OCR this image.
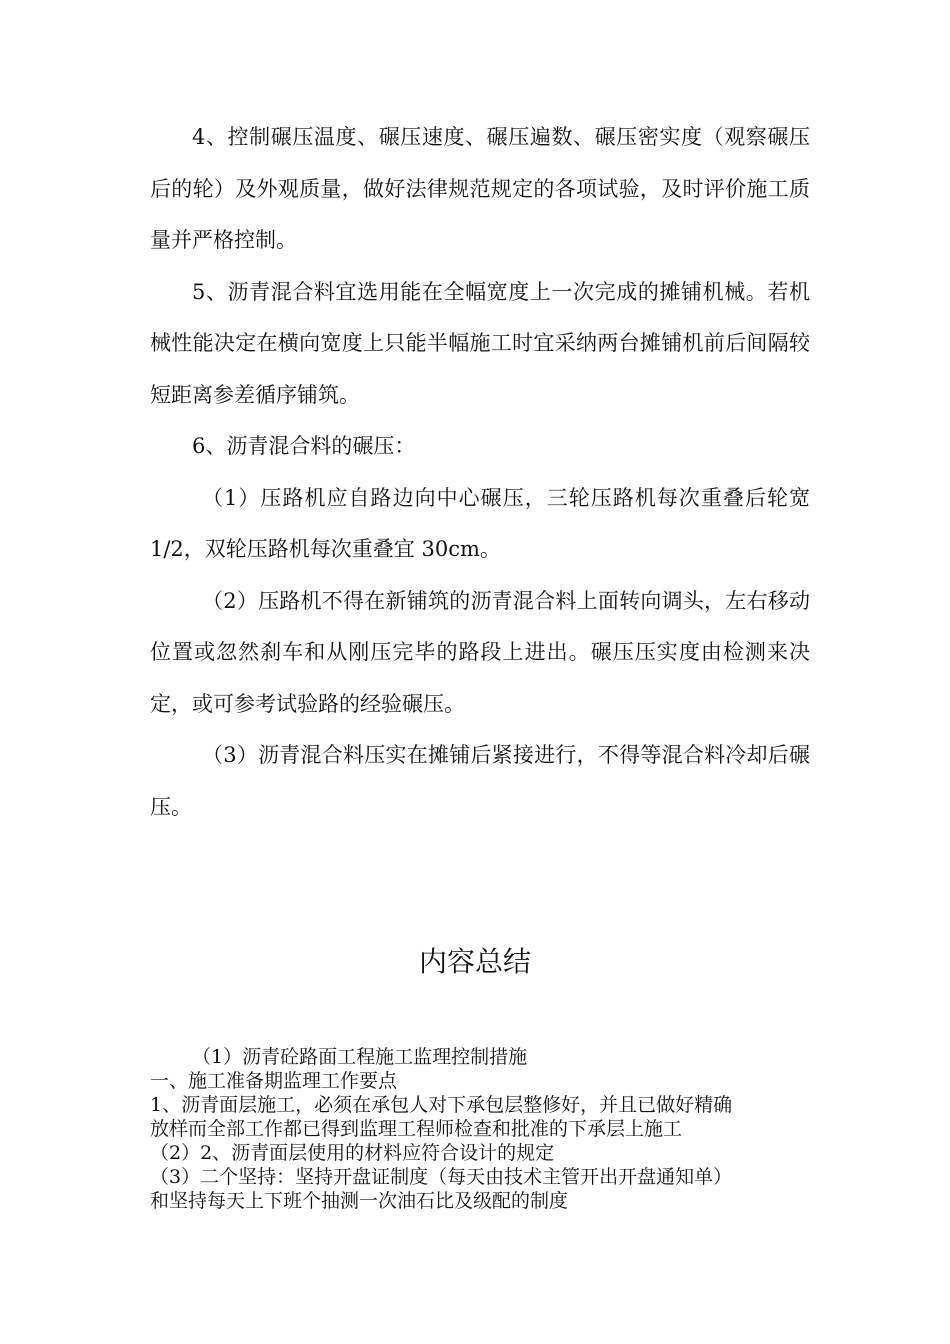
4、控制碾压温度、碾压速度、碾压遍数、碾压密实度（观察碾压后的轮）及外观质量，做好法律规范规定的各项试验，及时评价施工质量并严格控制。

5、沥青混合料宜选用能在全幅宽度上一次完成的摊铺机械。若机械性能决定在横向宽度上只能半幅施工时宜采纳两台摊铺机前后间隔较短距离参差循序铺筑。

6、沥青混合料的碾压：

（1）压路机应自路边向中心碾压，三轮压路机每次重叠后轮宽 1/2，双轮压路机每次重叠宜 30cm。

（2）压路机不得在新铺筑的沥青混合料上面转向调头，左右移动位置或忽然刹车和从刚压完毕的路段上进出。碾压压实度由检测来决定，或可参考试验路的经验碾压。

（3）沥青混合料压实在摊铺后紧接进行，不得等混合料冷却后碾压。

内容总结

（1）沥青砼路面工程施工监理控制措施

一、施工准备期监理工作要点

1、沥青面层施工，必须在承包人对下承包层整修好，并且已做好精确

放样而全部工作都已得到监理工程师检查和批准的下承层上施工

（2）2、沥青面层使用的材料应符合设计的规定

（3）二个坚持：坚持开盘证制度（每天由技术主管开出开盘通知单）

和坚持每天上下班个抽测一次油石比及级配的制度
